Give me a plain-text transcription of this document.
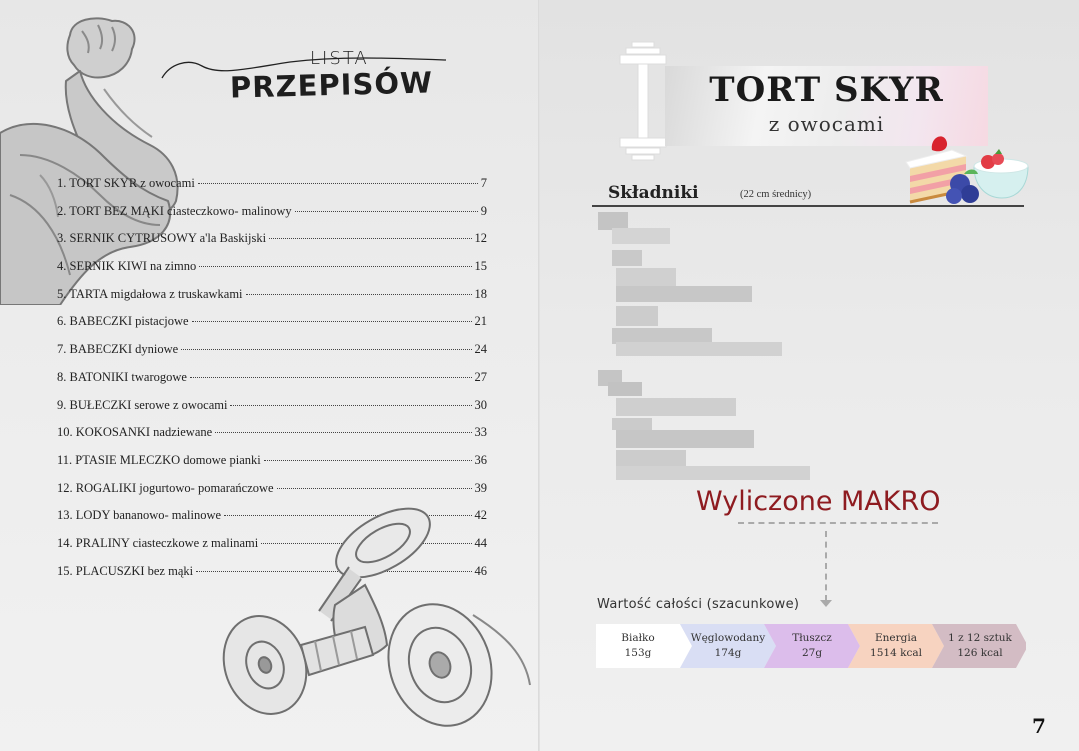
LISTA
PRZEPISÓW
1. TORT SKYR z owocami	7
2. TORT BEZ MĄKI ciasteczkowo- malinowy	9
3. SERNIK CYTRUSOWY a'la Baskijski	12
4. SERNIK KIWI na zimno	15
5. TARTA migdałowa z truskawkami	18
6. BABECZKI pistacjowe	21
7. BABECZKI dyniowe	24
8. BATONIKI twarogowe	27
9. BUŁECZKI serowe z owocami	30
10. KOKOSANKI nadziewane	33
11. PTASIE MLECZKO domowe pianki	36
12. ROGALIKI jogurtowo- pomarańczowe	39
13. LODY bananowo- malinowe	42
14. PRALINY ciasteczkowe z malinami	44
15. PLACUSZKI bez mąki	46
TORT SKYR
z owocami
Składniki	(22 cm średnicy)
Wyliczone MAKRO
Wartość całości (szacunkowe)
Białko
153g
Węglowodany
174g
Tłuszcz
27g
Energia
1514 kcal
1 z 12 sztuk
126 kcal
7
